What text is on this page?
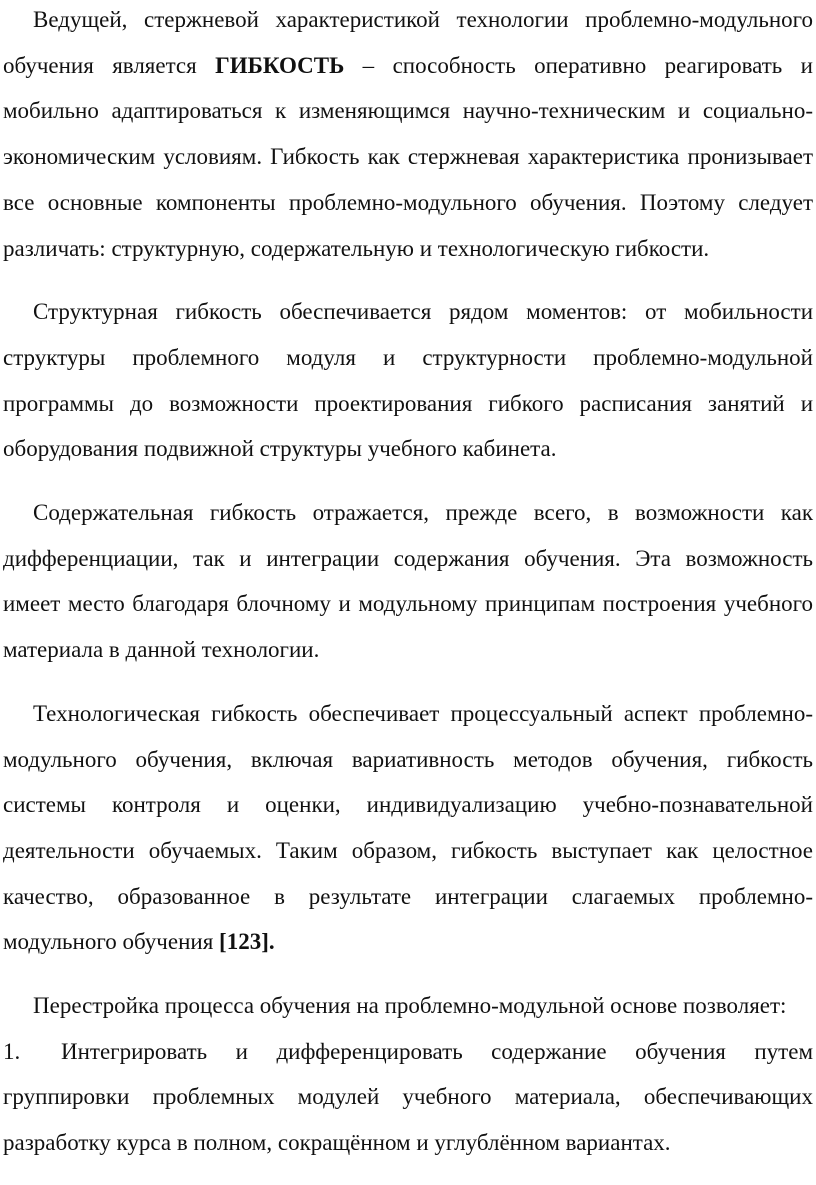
Ведущей, стержневой характеристикой технологии проблемно-модульного обучения является ГИБКОСТЬ – способность оперативно реагировать и мобильно адаптироваться к изменяющимся научно-техническим и социально-экономическим условиям. Гибкость как стержневая характеристика пронизывает все основные компоненты проблемно-модульного обучения. Поэтому следует различать: структурную, содержательную и технологическую гибкости.

Структурная гибкость обеспечивается рядом моментов: от мобильности структуры проблемного модуля и структурности проблемно-модульной программы до возможности проектирования гибкого расписания занятий и оборудования подвижной структуры учебного кабинета.

Содержательная гибкость отражается, прежде всего, в возможности как дифференциации, так и интеграции содержания обучения. Эта возможность имеет место благодаря блочному и модульному принципам построения учебного материала в данной технологии.

Технологическая гибкость обеспечивает процессуальный аспект проблемно-модульного обучения, включая вариативность методов обучения, гибкость системы контроля и оценки, индивидуализацию учебно-познавательной деятельности обучаемых. Таким образом, гибкость выступает как целостное качество, образованное в результате интеграции слагаемых проблемно-модульного обучения [123].

Перестройка процесса обучения на проблемно-модульной основе позволяет:

1. Интегрировать и дифференцировать содержание обучения путем группировки проблемных модулей учебного материала, обеспечивающих разработку курса в полном, сокращённом и углублённом вариантах.
